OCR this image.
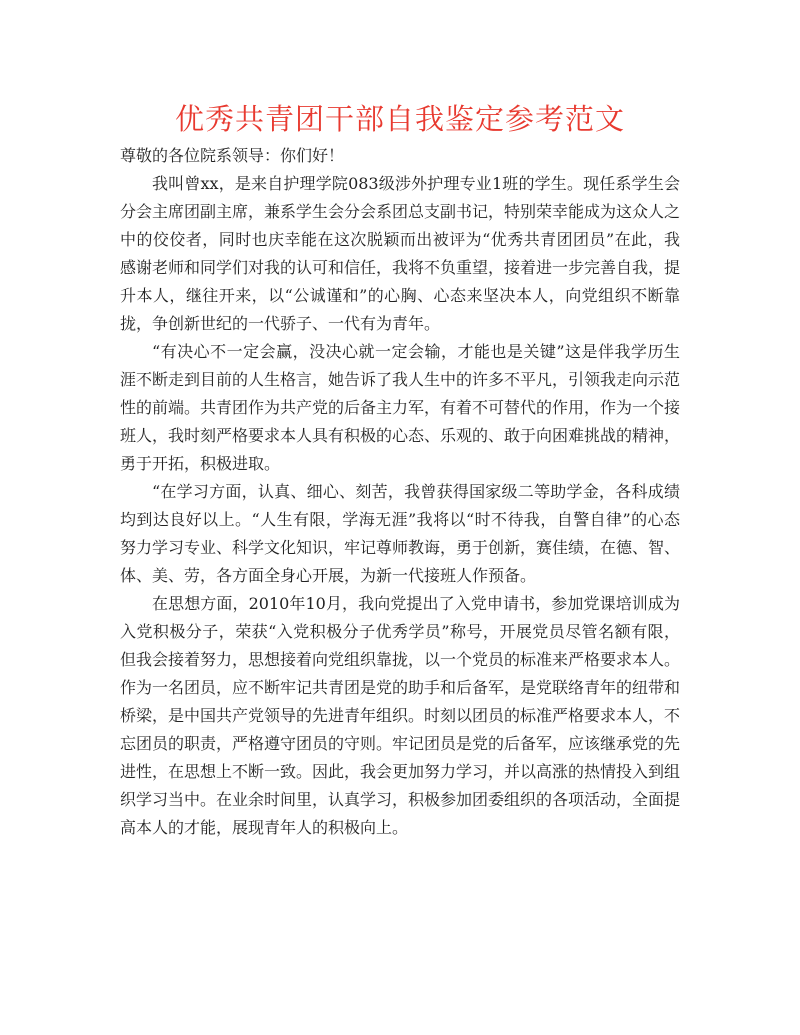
优秀共青团干部自我鉴定参考范文

尊敬的各位院系领导：你们好！

我叫曾xx，是来自护理学院083级涉外护理专业1班的学生。现任系学生会分会主席团副主席，兼系学生会分会系团总支副书记，特别荣幸能成为这众人之中的佼佼者，同时也庆幸能在这次脱颖而出被评为“优秀共青团团员”在此，我感谢老师和同学们对我的认可和信任，我将不负重望，接着进一步完善自我，提升本人，继往开来，以“公诚谨和”的心胸、心态来坚决本人，向党组织不断靠拢，争创新世纪的一代骄子、一代有为青年。

“有决心不一定会赢，没决心就一定会输，才能也是关键”这是伴我学历生涯不断走到目前的人生格言，她告诉了我人生中的许多不平凡，引领我走向示范性的前端。共青团作为共产党的后备主力军，有着不可替代的作用，作为一个接班人，我时刻严格要求本人具有积极的心态、乐观的、敢于向困难挑战的精神，勇于开拓，积极进取。

“在学习方面，认真、细心、刻苦，我曾获得国家级二等助学金，各科成绩均到达良好以上。“人生有限，学海无涯”我将以“时不待我，自警自律”的心态努力学习专业、科学文化知识，牢记尊师教诲，勇于创新，赛佳绩，在德、智、体、美、劳，各方面全身心开展，为新一代接班人作预备。

在思想方面，2010年10月，我向党提出了入党申请书，参加党课培训成为入党积极分子，荣获“入党积极分子优秀学员”称号，开展党员尽管名额有限，但我会接着努力，思想接着向党组织靠拢，以一个党员的标准来严格要求本人。作为一名团员，应不断牢记共青团是党的助手和后备军，是党联络青年的纽带和桥梁，是中国共产党领导的先进青年组织。时刻以团员的标准严格要求本人，不忘团员的职责，严格遵守团员的守则。牢记团员是党的后备军，应该继承党的先进性，在思想上不断一致。因此，我会更加努力学习，并以高涨的热情投入到组织学习当中。在业余时间里，认真学习，积极参加团委组织的各项活动，全面提高本人的才能，展现青年人的积极向上。
